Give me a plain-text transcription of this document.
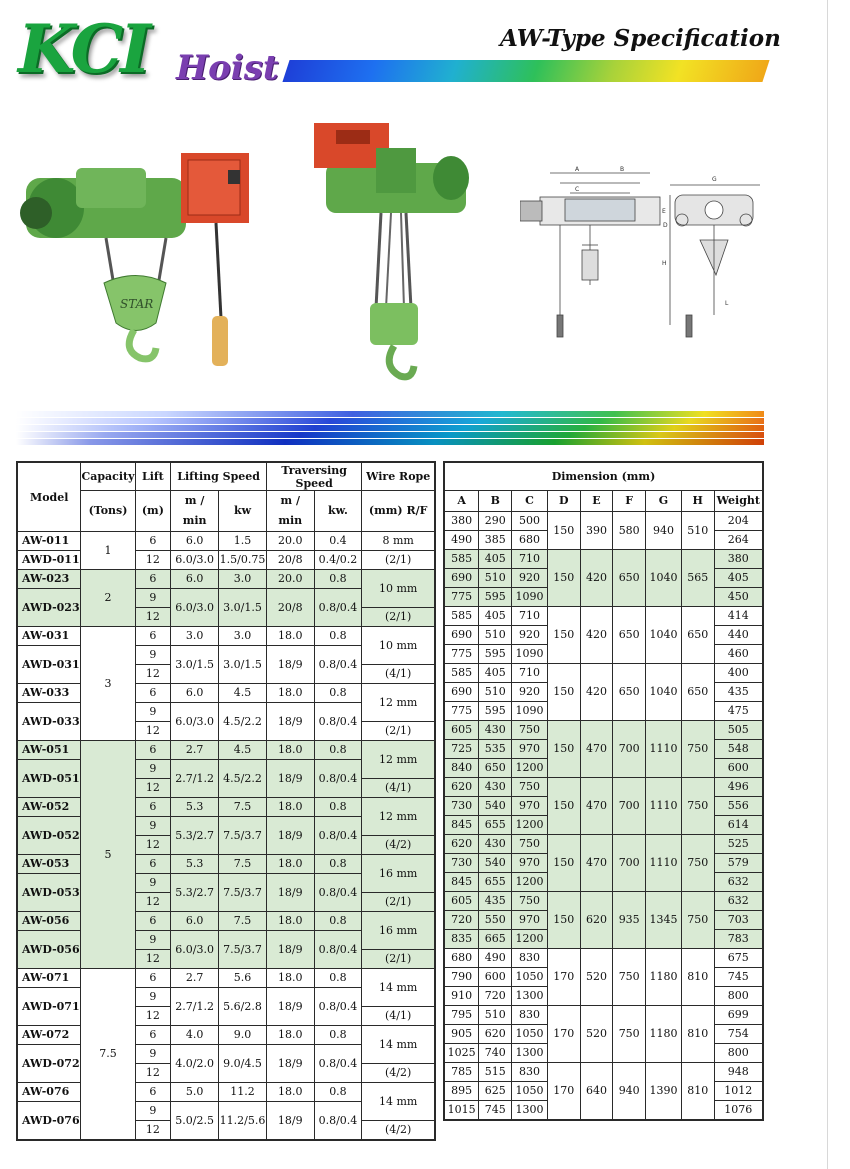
KCI Hoist
AW-Type Specification
STAR
A	B
C
D
E
G
H
L
Model	Capacity	Lift	Lifting Speed		Traversing Speed		Wire Rope
	(Tons)	(m)	m / min	kw	m / min	kw.	(mm) R/F
AW-011	1	6	6.0	1.5	20.0	0.4	8 mm
AWD-011		12	6.0/3.0	1.5/0.75	20/8	0.4/0.2	(2/1)
AW-023	2	6	6.0	3.0	20.0	0.8	10 mm
AWD-023		9	6.0/3.0	3.0/1.5	20/8	0.8/0.4	
		12					(2/1)
AW-031	3	6	3.0	3.0	18.0	0.8	10 mm
AWD-031		9	3.0/1.5	3.0/1.5	18/9	0.8/0.4	
		12					(4/1)
AW-033		6	6.0	4.5	18.0	0.8	12 mm
AWD-033		9	6.0/3.0	4.5/2.2	18/9	0.8/0.4	
		12					(2/1)
AW-051	5	6	2.7	4.5	18.0	0.8	12 mm
AWD-051		9	2.7/1.2	4.5/2.2	18/9	0.8/0.4	
		12					(4/1)
AW-052		6	5.3	7.5	18.0	0.8	12 mm
AWD-052		9	5.3/2.7	7.5/3.7	18/9	0.8/0.4	
		12					(4/2)
AW-053		6	5.3	7.5	18.0	0.8	16 mm
AWD-053		9	5.3/2.7	7.5/3.7	18/9	0.8/0.4	
		12					(2/1)
AW-056		6	6.0	7.5	18.0	0.8	16 mm
AWD-056		9	6.0/3.0	7.5/3.7	18/9	0.8/0.4	
		12					(2/1)
AW-071	7.5	6	2.7	5.6	18.0	0.8	14 mm
AWD-071		9	2.7/1.2	5.6/2.8	18/9	0.8/0.4	
		12					(4/1)
AW-072		6	4.0	9.0	18.0	0.8	14 mm
AWD-072		9	4.0/2.0	9.0/4.5	18/9	0.8/0.4	
		12					(4/2)
AW-076		6	5.0	11.2	18.0	0.8	14 mm
AWD-076		9	5.0/2.5	11.2/5.6	18/9	0.8/0.4	
		12					(4/2)
Dimension (mm)								
A	B	C	D	E	F	G	H	Weight
380	290	500	150	390	580	940	510	204
490	385	680						264
585	405	710	150	420	650	1040	565	380
690	510	920						405
775	595	1090						450
585	405	710	150	420	650	1040	650	414
690	510	920						440
775	595	1090						460
585	405	710	150	420	650	1040	650	400
690	510	920						435
775	595	1090						475
605	430	750	150	470	700	1110	750	505
725	535	970						548
840	650	1200						600
620	430	750	150	470	700	1110	750	496
730	540	970						556
845	655	1200						614
620	430	750	150	470	700	1110	750	525
730	540	970						579
845	655	1200						632
605	435	750	150	620	935	1345	750	632
720	550	970						703
835	665	1200						783
680	490	830	170	520	750	1180	810	675
790	600	1050						745
910	720	1300						800
795	510	830	170	520	750	1180	810	699
905	620	1050						754
1025	740	1300						800
785	515	830	170	640	940	1390	810	948
895	625	1050						1012
1015	745	1300						1076
